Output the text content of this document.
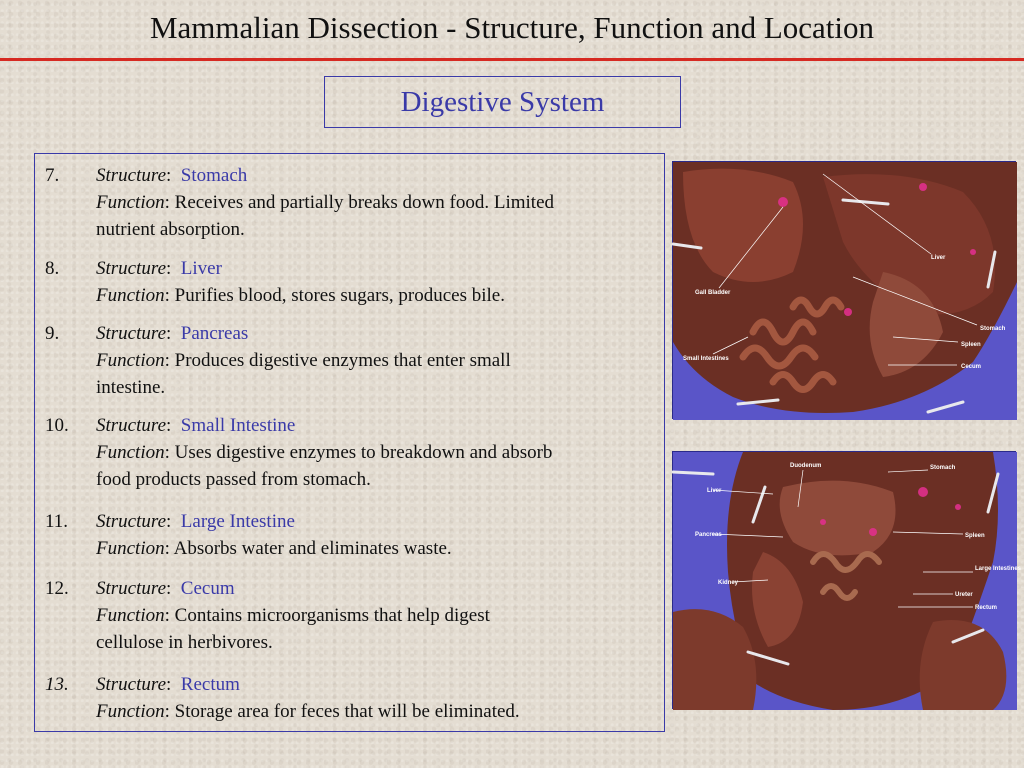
Mammalian Dissection - Structure, Function and Location
Digestive System
7.	Structure:  Stomach
Function: Receives and partially breaks down food. Limited
nutrient absorption.
8.	Structure:  Liver
Function: Purifies blood, stores sugars, produces bile.
9.	Structure:  Pancreas
Function: Produces digestive enzymes that enter small
intestine.
10.	Structure:  Small Intestine
Function: Uses digestive enzymes to breakdown and absorb
food products passed from stomach.
11.	Structure:  Large Intestine
Function: Absorbs water and eliminates waste.
12.	Structure:  Cecum
Function: Contains microorganisms that help digest
cellulose in herbivores.
13.	Structure:  Rectum
Function: Storage area for feces that will be eliminated.
Liver
Gall Bladder
Stomach
Spleen
Small Intestines
Cecum
Duodenum	Stomach
Liver
Pancreas	Spleen
Large Intestines
Kidney
Ureter
Rectum
